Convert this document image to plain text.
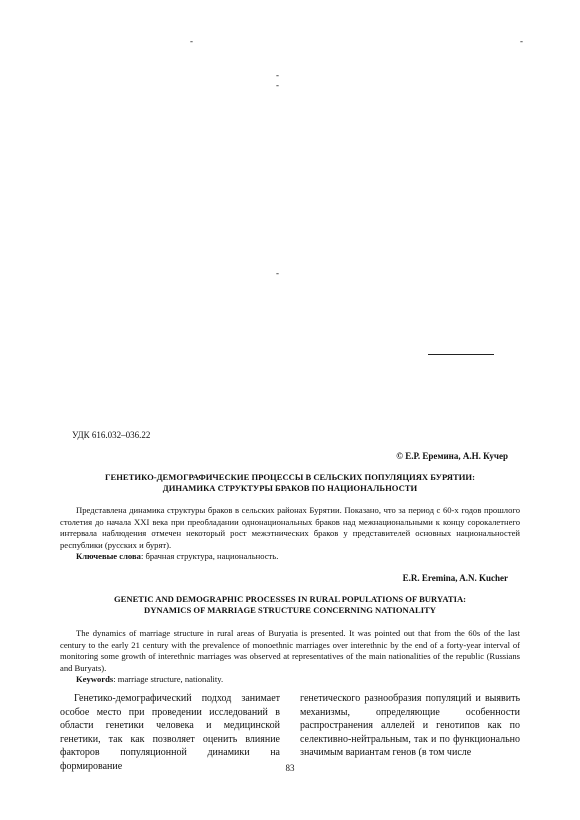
-	-
-
-
-
УДК 616.032–036.22
© Е.Р. Еремина, А.Н. Кучер
ГЕНЕТИКО-ДЕМОГРАФИЧЕСКИЕ ПРОЦЕССЫ В СЕЛЬСКИХ ПОПУЛЯЦИЯХ БУРЯТИИ:
ДИНАМИКА СТРУКТУРЫ БРАКОВ ПО НАЦИОНАЛЬНОСТИ

Представлена динамика структуры браков в сельских районах Бурятии. Показано, что за период с 60-х годов прошлого столетия до начала XXI века при преобладании однонациональных браков над межнациональными к концу сорокалетнего интервала наблюдения отмечен некоторый рост межэтнических браков у представителей основных национальностей республики (русских и бурят).

Ключевые слова: брачная структура, национальность.

E.R. Eremina, A.N. Kucher
GENETIC AND DEMOGRAPHIC PROCESSES IN RURAL POPULATIONS OF BURYATIA:
DYNAMICS OF MARRIAGE STRUCTURE CONCERNING NATIONALITY

The dynamics of marriage structure in rural areas of Buryatia is presented. It was pointed out that from the 60s of the last century to the early 21 century with the prevalence of monoethnic marriages over interethnic by the end of a forty-year interval of monitoring some growth of interethnic marriages was observed at representatives of the main nationalities of the republic (Russians and Buryats).

Keywords: marriage structure, nationality.

Генетико-демографический подход занимает особое место при проведении исследований в области генетики человека и медицинской генетики, так как позволяет оценить влияние факторов популяционной динамики на формирование

генетического разнообразия популяций и выявить механизмы, определяющие особенности распространения аллелей и генотипов как по селективно-нейтральным, так и по функционально значимым вариантам генов (в том числе

83
